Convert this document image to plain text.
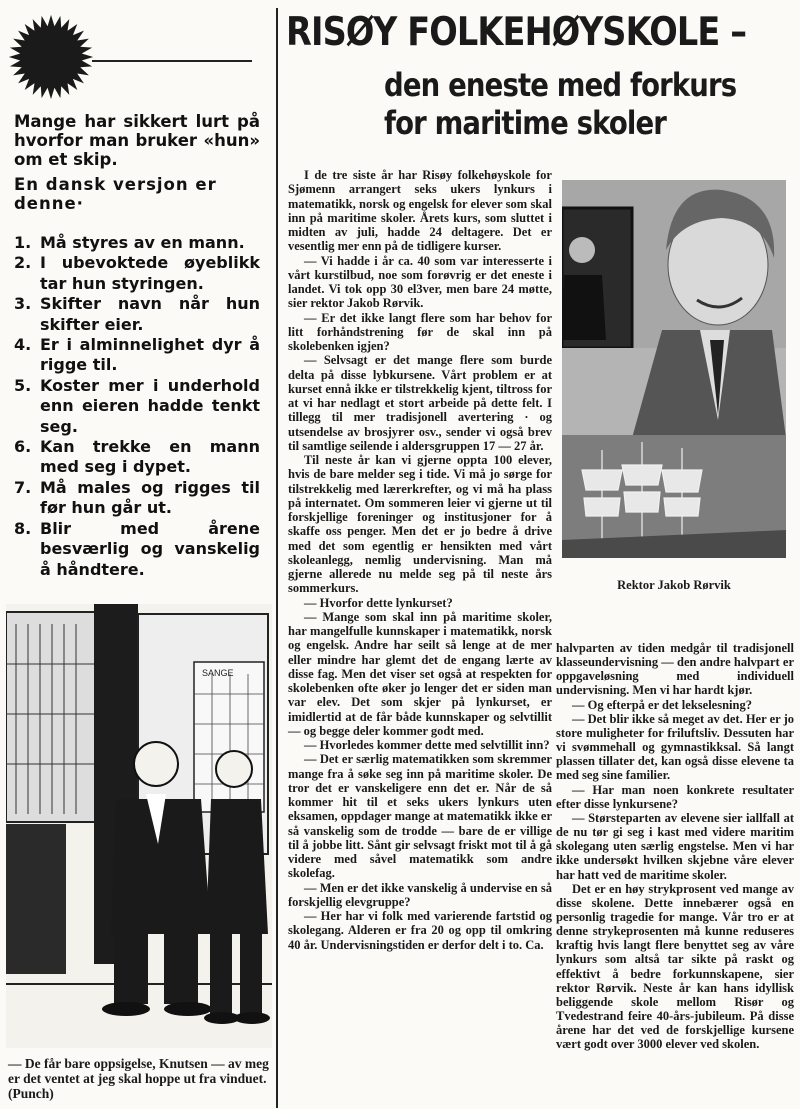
Mange har sikkert lurt på hvorfor man bruker «hun» om et skip.

En dansk versjon er denne·

1. Må styres av en mann.
2. I ubevoktede øyeblikk tar hun styringen.
3. Skifter navn når hun skifter eier.
4. Er i alminnelighet dyr å rigge til.
5. Koster mer i underhold enn eieren hadde tenkt seg.
6. Kan trekke en mann med seg i dypet.
7. Må males og rigges til før hun går ut.
8. Blir med årene besværlig og vanskelig å håndtere.
SANGE
— De får bare oppsigelse, Knutsen — av meg er det ventet at jeg skal hoppe ut fra vinduet. (Punch)
RISØY FOLKEHØYSKOLE –
den eneste med forkurs
for maritime skoler

I de tre siste år har Risøy folkehøyskole for Sjømenn arrangert seks ukers lynkurs i matematikk, norsk og engelsk for elever som skal inn på maritime skoler. Årets kurs, som sluttet i midten av juli, hadde 24 deltagere. Det er vesentlig mer enn på de tidligere kurser.

— Vi hadde i år ca. 40 som var interesserte i vårt kurstilbud, noe som forøvrig er det eneste i landet. Vi tok opp 30 el3ver, men bare 24 møtte, sier rektor Jakob Rørvik.

— Er det ikke langt flere som har behov for litt forhåndstrening før de skal inn på skolebenken igjen?

— Selvsagt er det mange flere som burde delta på disse lybkursene. Vårt problem er at kurset ennå ikke er tilstrekkelig kjent, tiltross for at vi har nedlagt et stort arbeide på dette felt. I tillegg til mer tradisjonell avertering · og utsendelse av brosjyrer osv., sender vi også brev til samtlige seilende i aldersgruppen 17 — 27 år.

Til neste år kan vi gjerne oppta 100 elever, hvis de bare melder seg i tide. Vi må jo sørge for tilstrekkelig med lærerkrefter, og vi må ha plass på internatet. Om sommeren leier vi gjerne ut til forskjellige foreninger og institusjoner for å skaffe oss penger. Men det er jo bedre å drive med det som egentlig er hensikten med vårt skoleanlegg, nemlig undervisning. Man må gjerne allerede nu melde seg på til neste års sommerkurs.

— Hvorfor dette lynkurset?

— Mange som skal inn på maritime skoler, har mangelfulle kunnskaper i matematikk, norsk og engelsk. Andre har seilt så lenge at de mer eller mindre har glemt det de engang lærte av disse fag. Men det viser set også at respekten for skolebenken ofte øker jo lenger det er siden man var elev. Det som skjer på lynkurset, er imidlertid at de får både kunnskaper og selvtillit — og begge deler kommer godt med.

— Hvorledes kommer dette med selvtillit inn?

— Det er særlig matematikken som skremmer mange fra å søke seg inn på maritime skoler. De tror det er vanskeligere enn det er. Når de så kommer hit til et seks ukers lynkurs uten eksamen, oppdager mange at matematikk ikke er så vanskelig som de trodde — bare de er villige til å jobbe litt. Sånt gir selvsagt friskt mot til å gå videre med såvel matematikk som andre skolefag.

— Men er det ikke vanskelig å undervise en så forskjellig elevgruppe?

— Her har vi folk med varierende fartstid og skolegang. Alderen er fra 20 og opp til omkring 40 år. Undervisningstiden er derfor delt i to. Ca.

Rektor Jakob Rørvik

halvparten av tiden medgår til tradisjonell klasseundervisning — den andre halvpart er oppgaveløsning med individuell undervisning. Men vi har hardt kjør.

— Og efterpå er det lekselesning?

— Det blir ikke så meget av det. Her er jo store muligheter for friluftsliv. Dessuten har vi svømmehall og gymnastikksal. Så langt plassen tillater det, kan også disse elevene ta med seg sine familier.

— Har man noen konkrete resultater efter disse lynkursene?

— Størsteparten av elevene sier iallfall at de nu tør gi seg i kast med videre maritim skolegang uten særlig engstelse. Men vi har ikke undersøkt hvilken skjebne våre elever har hatt ved de maritime skoler.

Det er en høy strykprosent ved mange av disse skolene. Dette innebærer også en personlig tragedie for mange. Vår tro er at denne strykeprosenten må kunne reduseres kraftig hvis langt flere benyttet seg av våre lynkurs som altså tar sikte på raskt og effektivt å bedre forkunnskapene, sier rektor Rørvik. Neste år kan hans idyllisk beliggende skole mellom Risør og Tvedestrand feire 40-års-jubileum. På disse årene har det ved de forskjellige kursene vært godt over 3000 elever ved skolen.
